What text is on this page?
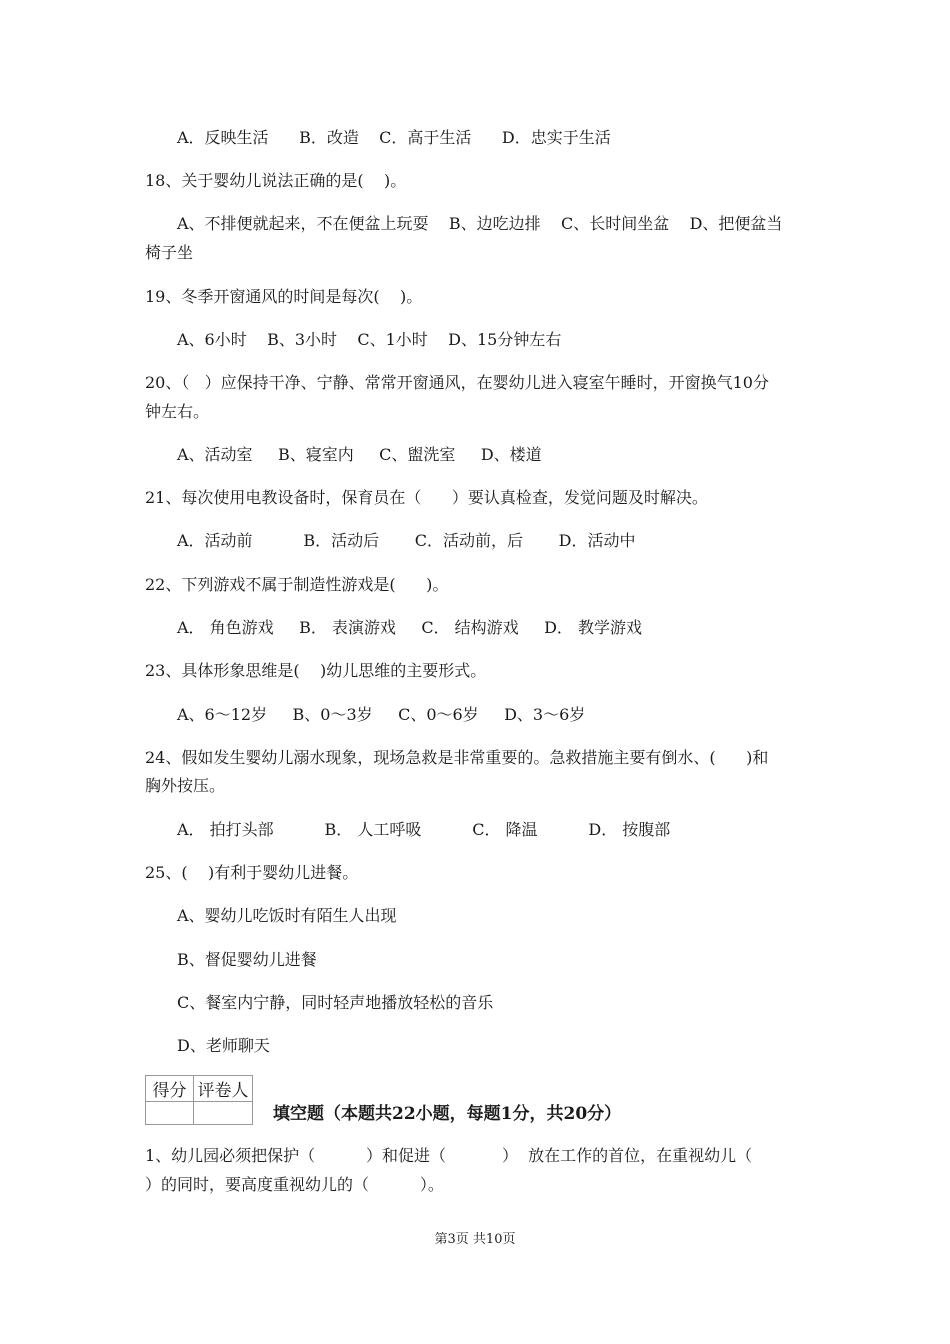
A．反映生活      B．改造    C．高于生活      D．忠实于生活
18、关于婴幼儿说法正确的是(    )。
A、不排便就起来，不在便盆上玩耍    B、边吃边排    C、长时间坐盆    D、把便盆当
椅子坐
19、冬季开窗通风的时间是每次(    )。
A、6小时    B、3小时    C、1小时    D、15分钟左右
20、（   ）应保持干净、宁静、常常开窗通风，在婴幼儿进入寝室午睡时，开窗换气10分
钟左右。
A、活动室     B、寝室内     C、盥洗室     D、楼道
21、每次使用电教设备时，保育员在（      ）要认真检查，发觉问题及时解决。
A．活动前          B．活动后       C．活动前，后       D．活动中
22、下列游戏不属于制造性游戏是(      )。
A． 角色游戏     B． 表演游戏     C． 结构游戏     D． 教学游戏
23、具体形象思维是(    )幼儿思维的主要形式。
A、6～12岁     B、0～3岁     C、0～6岁     D、3～6岁
24、假如发生婴幼儿溺水现象，现场急救是非常重要的。急救措施主要有倒水、(      )和
胸外按压。
A． 拍打头部          B． 人工呼吸          C． 降温          D． 按腹部
25、(    )有利于婴幼儿进餐。
A、婴幼儿吃饭时有陌生人出现
B、督促婴幼儿进餐
C、餐室内宁静，同时轻声地播放轻松的音乐
D、老师聊天
得分	评卷人

填空题（本题共22小题，每题1分，共20分）
1、幼儿园必须把保护（          ）和促进（           ）  放在工作的首位，在重视幼儿（
）的同时，要高度重视幼儿的（          ）。
第3页 共10页
